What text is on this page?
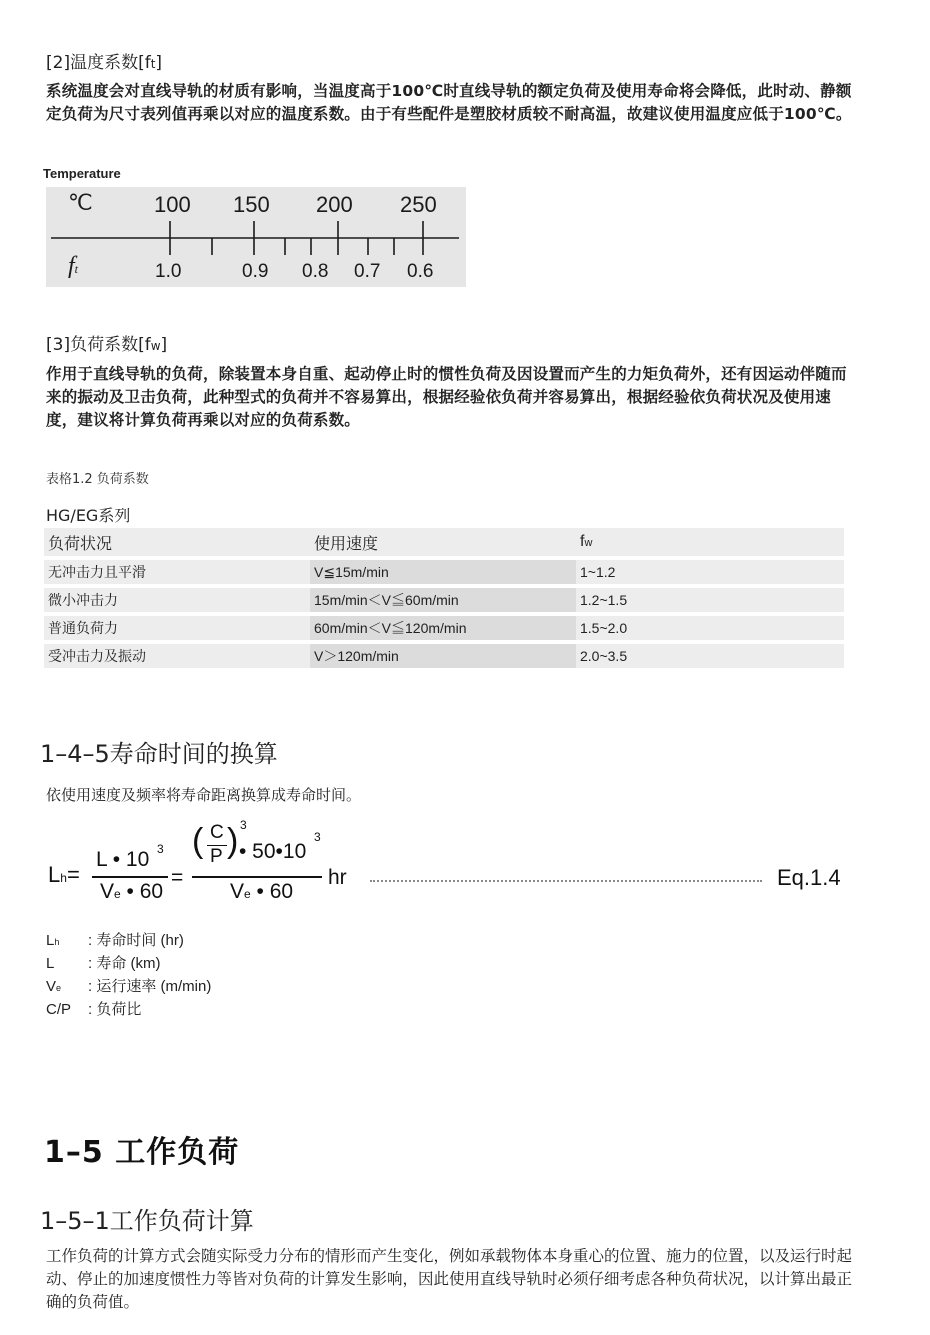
[2]温度系数[ft]
系统温度会对直线导轨的材质有影响，当温度高于100℃时直线导轨的额定负荷及使用寿命将会降低，此时动、静额定负荷为尺寸表列值再乘以对应的温度系数。由于有些配件是塑胶材质较不耐高温，故建议使用温度应低于100℃。
Temperature
℃	100 150 200 250
ft	1.0	0.9 0.8 0.7 0.6
[3]负荷系数[fw]
作用于直线导轨的负荷，除装置本身自重、起动停止时的惯性负荷及因设置而产生的力矩负荷外，还有因运动伴随而来的振动及卫击负荷，此种型式的负荷并不容易算出，根据经验依负荷并容易算出，根据经验依负荷状况及使用速度，建议将计算负荷再乘以对应的负荷系数。
表格1.2 负荷系数
HG/EG系列
负荷状况	使用速度	fw
无冲击力且平滑	V≦15m/min	1~1.2
微小冲击力	15m/min＜V≦60m/min	1.2~1.5
普通负荷力	60m/min＜V≦120m/min	1.5~2.0
受冲击力及振动	V＞120m/min	2.0~3.5
1–4–5寿命时间的换算
依使用速度及频率将寿命距离换算成寿命时间。
Lh=
L • 10 3
Ve • 60
=
( C
P ) 3
• 50•10
3
Ve • 60
hr	Eq.1.4
Lh : 寿命时间 (hr)
L : 寿命 (km)
Ve : 运行速率 (m/min)
C/P : 负荷比
1–5 工作负荷
1–5–1工作负荷计算
工作负荷的计算方式会随实际受力分布的情形而产生变化，例如承载物体本身重心的位置、施力的位置，以及运行时起动、停止的加速度惯性力等皆对负荷的计算发生影响，因此使用直线导轨时必须仔细考虑各种负荷状况，以计算出最正确的负荷值。
